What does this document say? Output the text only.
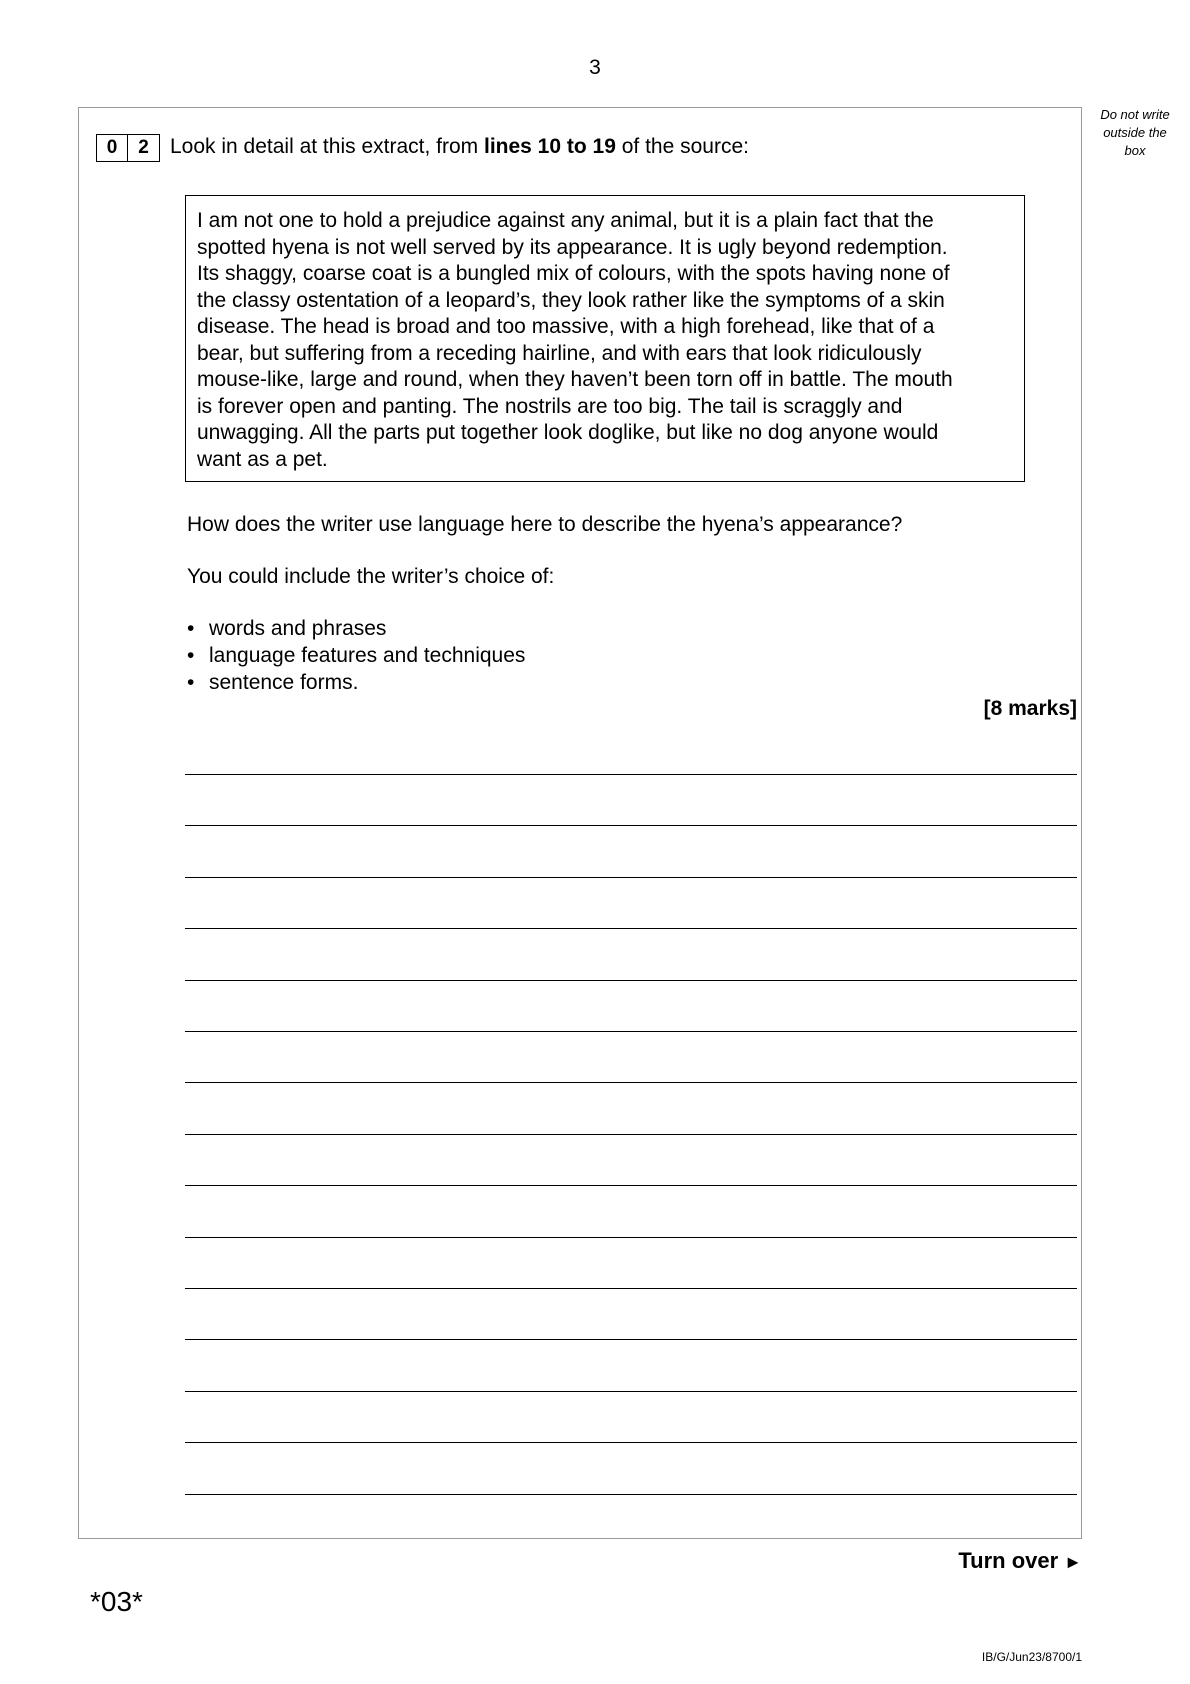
3
Do not write
outside the
box
0	2	Look in detail at this extract, from lines 10 to 19 of the source:
I am not one to hold a prejudice against any animal, but it is a plain fact that the
spotted hyena is not well served by its appearance. It is ugly beyond redemption.
Its shaggy, coarse coat is a bungled mix of colours, with the spots having none of
the classy ostentation of a leopard’s, they look rather like the symptoms of a skin
disease. The head is broad and too massive, with a high forehead, like that of a
bear, but suffering from a receding hairline, and with ears that look ridiculously
mouse-like, large and round, when they haven’t been torn off in battle. The mouth
is forever open and panting. The nostrils are too big. The tail is scraggly and
unwagging. All the parts put together look doglike, but like no dog anyone would
want as a pet.
How does the writer use language here to describe the hyena’s appearance?
You could include the writer’s choice of:
• words and phrases
• language features and techniques
• sentence forms.
[8 marks]
Turn over ►
*03*
IB/G/Jun23/8700/1
